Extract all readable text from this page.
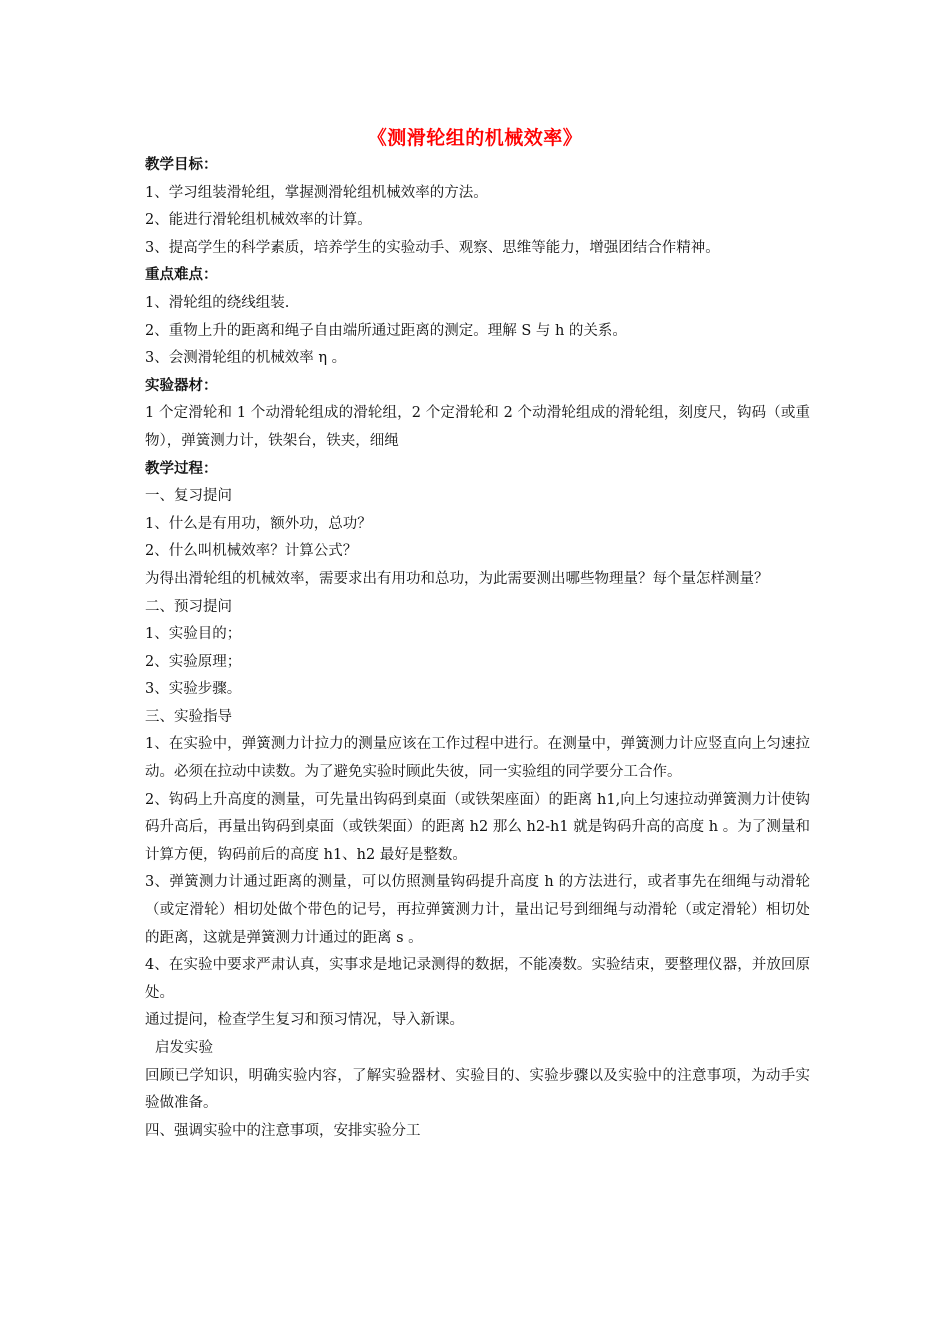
《测滑轮组的机械效率》
教学目标：
1、学习组装滑轮组，掌握测滑轮组机械效率的方法。
2、能进行滑轮组机械效率的计算。
3、提高学生的科学素质，培养学生的实验动手、观察、思维等能力，增强团结合作精神。
重点难点：
1、滑轮组的绕线组装.
2、重物上升的距离和绳子自由端所通过距离的测定。理解 S 与 h 的关系。
3、会测滑轮组的机械效率 η 。
实验器材：
1 个定滑轮和 1 个动滑轮组成的滑轮组，2 个定滑轮和 2 个动滑轮组成的滑轮组，刻度尺，钩码（或重物），弹簧测力计，铁架台，铁夹，细绳
教学过程：
一、复习提问
1、什么是有用功，额外功，总功？
2、什么叫机械效率？计算公式？
为得出滑轮组的机械效率，需要求出有用功和总功，为此需要测出哪些物理量？每个量怎样测量？
二、预习提问
1、实验目的；
2、实验原理；
3、实验步骤。
三、实验指导
1、在实验中，弹簧测力计拉力的测量应该在工作过程中进行。在测量中，弹簧测力计应竖直向上匀速拉动。必须在拉动中读数。为了避免实验时顾此失彼，同一实验组的同学要分工合作。
2、钩码上升高度的测量，可先量出钩码到桌面（或铁架座面）的距离 h1,向上匀速拉动弹簧测力计使钩码升高后，再量出钩码到桌面（或铁架面）的距离 h2 那么 h2-h1 就是钩码升高的高度 h 。为了测量和计算方便，钩码前后的高度 h1、h2 最好是整数。
3、弹簧测力计通过距离的测量，可以仿照测量钩码提升高度 h 的方法进行，或者事先在细绳与动滑轮（或定滑轮）相切处做个带色的记号，再拉弹簧测力计，量出记号到细绳与动滑轮（或定滑轮）相切处的距离，这就是弹簧测力计通过的距离 s 。
4、在实验中要求严肃认真，实事求是地记录测得的数据，不能凑数。实验结束，要整理仪器，并放回原处。
通过提问，检查学生复习和预习情况，导入新课。
启发实验
回顾已学知识，明确实验内容，了解实验器材、实验目的、实验步骤以及实验中的注意事项，为动手实验做准备。
四、强调实验中的注意事项，安排实验分工
